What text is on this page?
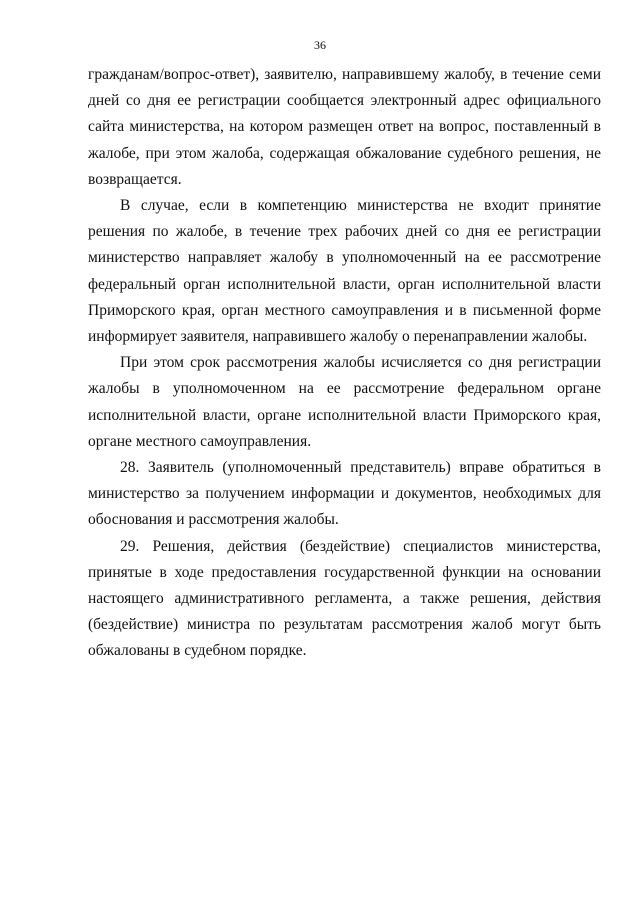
36

гражданам/вопрос-ответ), заявителю, направившему жалобу, в течение семи дней со дня ее регистрации сообщается электронный адрес официального сайта министерства, на котором размещен ответ на вопрос, поставленный в жалобе, при этом жалоба, содержащая обжалование судебного решения, не возвращается.

В случае, если в компетенцию министерства не входит принятие решения по жалобе, в течение трех рабочих дней со дня ее регистрации министерство направляет жалобу в уполномоченный на ее рассмотрение федеральный орган исполнительной власти, орган исполнительной власти Приморского края, орган местного самоуправления и в письменной форме информирует заявителя, направившего жалобу о перенаправлении жалобы.

При этом срок рассмотрения жалобы исчисляется со дня регистрации жалобы в уполномоченном на ее рассмотрение федеральном органе исполнительной власти, органе исполнительной власти Приморского края, органе местного самоуправления.

28. Заявитель (уполномоченный представитель) вправе обратиться в министерство за получением информации и документов, необходимых для обоснования и рассмотрения жалобы.

29. Решения, действия (бездействие) специалистов министерства, принятые в ходе предоставления государственной функции на основании настоящего административного регламента, а также решения, действия (бездействие) министра по результатам рассмотрения жалоб могут быть обжалованы в судебном порядке.
